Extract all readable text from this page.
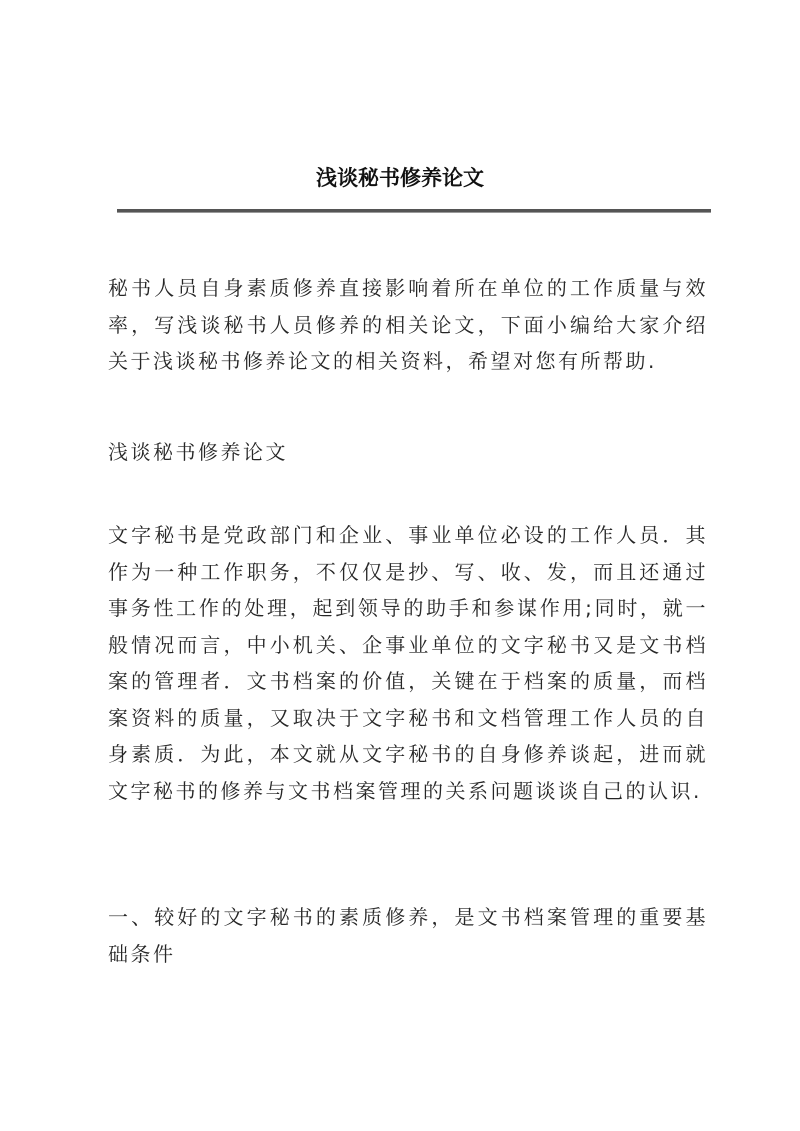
浅谈秘书修养论文

秘书人员自身素质修养直接影响着所在单位的工作质量与效率，写浅谈秘书人员修养的相关论文，下面小编给大家介绍关于浅谈秘书修养论文的相关资料，希望对您有所帮助.

浅谈秘书修养论文

文字秘书是党政部门和企业、事业单位必设的工作人员．其作为一种工作职务，不仅仅是抄、写、收、发，而且还通过事务性工作的处理，起到领导的助手和参谋作用;同时，就一般情况而言，中小机关、企事业单位的文字秘书又是文书档案的管理者．文书档案的价值，关键在于档案的质量，而档案资料的质量，又取决于文字秘书和文档管理工作人员的自身素质．为此，本文就从文字秘书的自身修养谈起，进而就文字秘书的修养与文书档案管理的关系问题谈谈自己的认识.

一、较好的文字秘书的素质修养，是文书档案管理的重要基础条件
